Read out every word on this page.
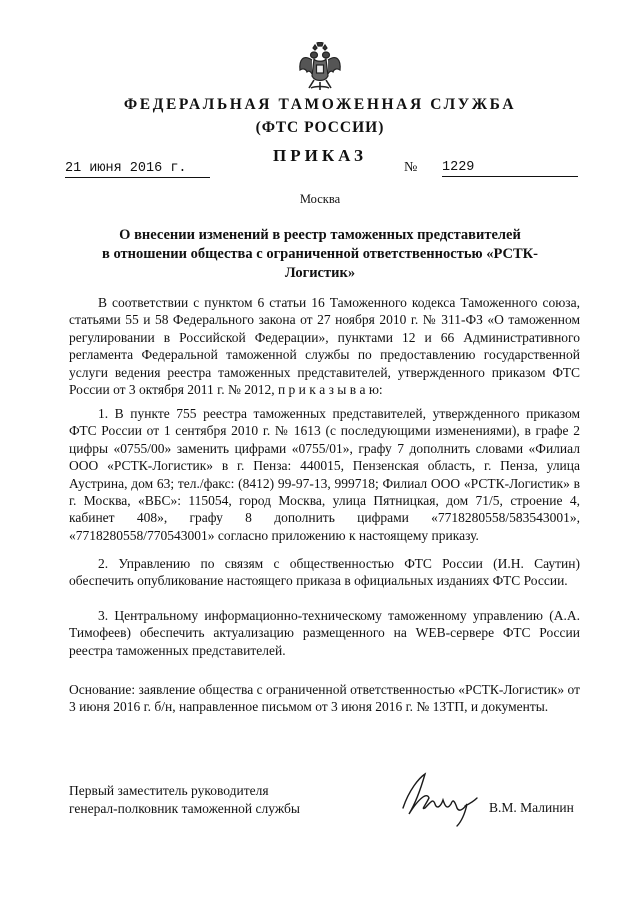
ФЕДЕРАЛЬНАЯ ТАМОЖЕННАЯ СЛУЖБА
(ФТС РОССИИ)
ПРИКАЗ
21 июня 2016 г.	№ 1229
Москва
О внесении изменений в реестр таможенных представителей
в отношении общества с ограниченной ответственностью «РСТК-Логистик»

В соответствии с пунктом 6 статьи 16 Таможенного кодекса Таможенного союза, статьями 55 и 58 Федерального закона от 27 ноября 2010 г. № 311-ФЗ «О таможенном регулировании в Российской Федерации», пунктами 12 и 66 Административного регламента Федеральной таможенной службы по предоставлению государственной услуги ведения реестра таможенных представителей, утвержденного приказом ФТС России от 3 октября 2011 г. № 2012, п р и к а з ы в а ю:

1. В пункте 755 реестра таможенных представителей, утвержденного приказом ФТС России от 1 сентября 2010 г. № 1613 (с последующими изменениями), в графе 2 цифры «0755/00» заменить цифрами «0755/01», графу 7 дополнить словами «Филиал ООО «РСТК-Логистик» в г. Пенза: 440015, Пензенская область, г. Пенза, улица Аустрина, дом 63; тел./факс: (8412) 99-97-13, 999718; Филиал ООО «РСТК-Логистик» в г. Москва, «ВБС»: 115054, город Москва, улица Пятницкая, дом 71/5, строение 4, кабинет 408», графу 8 дополнить цифрами «7718280558/583543001», «7718280558/770543001» согласно приложению к настоящему приказу.

2. Управлению по связям с общественностью ФТС России (И.Н. Саутин) обеспечить опубликование настоящего приказа в официальных изданиях ФТС России.

3. Центральному информационно-техническому таможенному управлению (А.А. Тимофеев) обеспечить актуализацию размещенного на WEB-сервере ФТС России реестра таможенных представителей.

Основание: заявление общества с ограниченной ответственностью «РСТК-Логистик» от 3 июня 2016 г. б/н, направленное письмом от 3 июня 2016 г. № 13ТП, и документы.

Первый заместитель руководителя
генерал-полковник таможенной службы	В.М. Малинин
